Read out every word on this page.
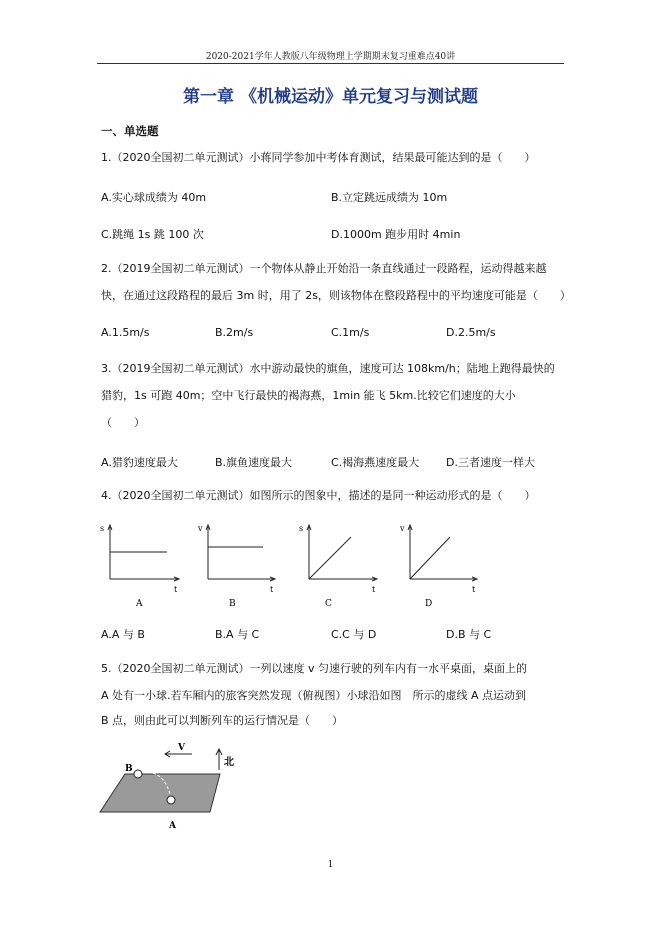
2020-2021学年人教版八年级物理上学期期末复习重难点40讲
第一章 《机械运动》单元复习与测试题
一、单选题
1.（2020全国初二单元测试）小蒋同学参加中考体育测试，结果最可能达到的是（　　）
A.实心球成绩为 40m	B.立定跳远成绩为 10m
C.跳绳 1s 跳 100 次	D.1000m 跑步用时 4min
2.（2019全国初二单元测试）一个物体从静止开始沿一条直线通过一段路程，运动得越来越
快，在通过这段路程的最后 3m 时，用了 2s，则该物体在整段路程中的平均速度可能是（　　）
A.1.5m/s	B.2m/s	C.1m/s	D.2.5m/s
3.（2019全国初二单元测试）水中游动最快的旗鱼，速度可达 108km/h；陆地上跑得最快的
猎豹，1s 可跑 40m；空中飞行最快的褐海燕，1min 能飞 5km.比较它们速度的大小
（　　）
A.猎豹速度最大	B.旗鱼速度最大	C.褐海燕速度最大 D.三者速度一样大
4.（2020全国初二单元测试）如图所示的图象中，描述的是同一种运动形式的是（　　）
s
t
A
v
t
B
s
t
C
v
t
D
A.A 与 B	B.A 与 C	C.C 与 D	D.B 与 C
5.（2020全国初二单元测试）一列以速度 v 匀速行驶的列车内有一水平桌面，桌面上的
A 处有一小球.若车厢内的旅客突然发现（俯视图）小球沿如图　所示的虚线 A 点运动到
B 点，则由此可以判断列车的运行情况是（　　）
V
北
B
A
1
